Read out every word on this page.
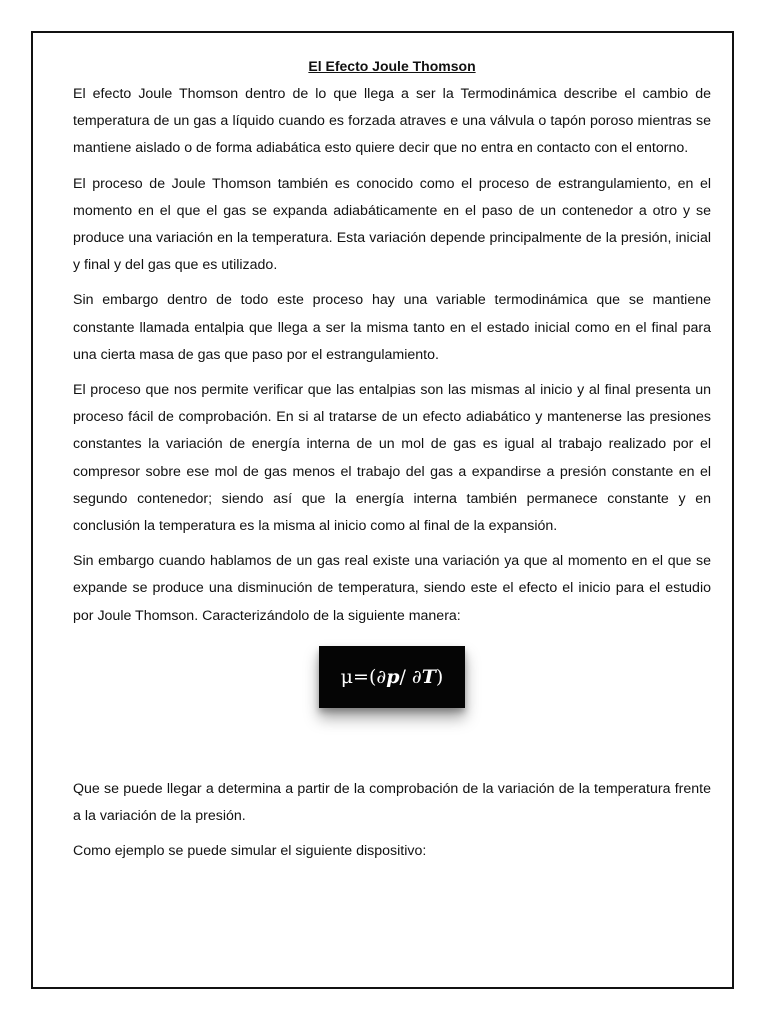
El Efecto Joule Thomson

El efecto Joule Thomson dentro de lo que llega a ser la Termodinámica describe el cambio de temperatura de un gas a líquido cuando es forzada atraves e una válvula o tapón poroso mientras se mantiene aislado o de forma adiabática esto quiere decir que no entra en contacto con el entorno.

El proceso de Joule Thomson también es conocido como el proceso de estrangulamiento, en el momento en el que el gas se expanda adiabáticamente en el paso de un contenedor a otro y se produce una variación en la temperatura. Esta variación depende principalmente de la presión, inicial y final y del gas que es utilizado.

Sin embargo dentro de todo este proceso hay una variable termodinámica que se mantiene constante llamada entalpia que llega a ser la misma tanto en el estado inicial como en el final para una cierta masa de gas que paso por el estrangulamiento.

El proceso que nos permite verificar que las entalpias son las mismas al inicio y al final presenta un proceso fácil de comprobación. En si al tratarse de un efecto adiabático y mantenerse las presiones constantes la variación de energía interna de un mol de gas es igual al trabajo realizado por el compresor sobre ese mol de gas menos el trabajo del gas a expandirse a presión constante en el segundo contenedor; siendo así que la energía interna también permanece constante y en conclusión la temperatura es la misma al inicio como al final de la expansión.

Sin embargo cuando hablamos de un gas real existe una variación ya que al momento en el que se expande se produce una disminución de temperatura, siendo este el efecto el inicio para el estudio por Joule Thomson. Caracterizándolo de la siguiente manera:

μ=(∂ p / ∂ T )

Que se puede llegar a determina a partir de la comprobación de la variación de la temperatura frente a la variación de la presión.

Como ejemplo se puede simular el siguiente dispositivo:
